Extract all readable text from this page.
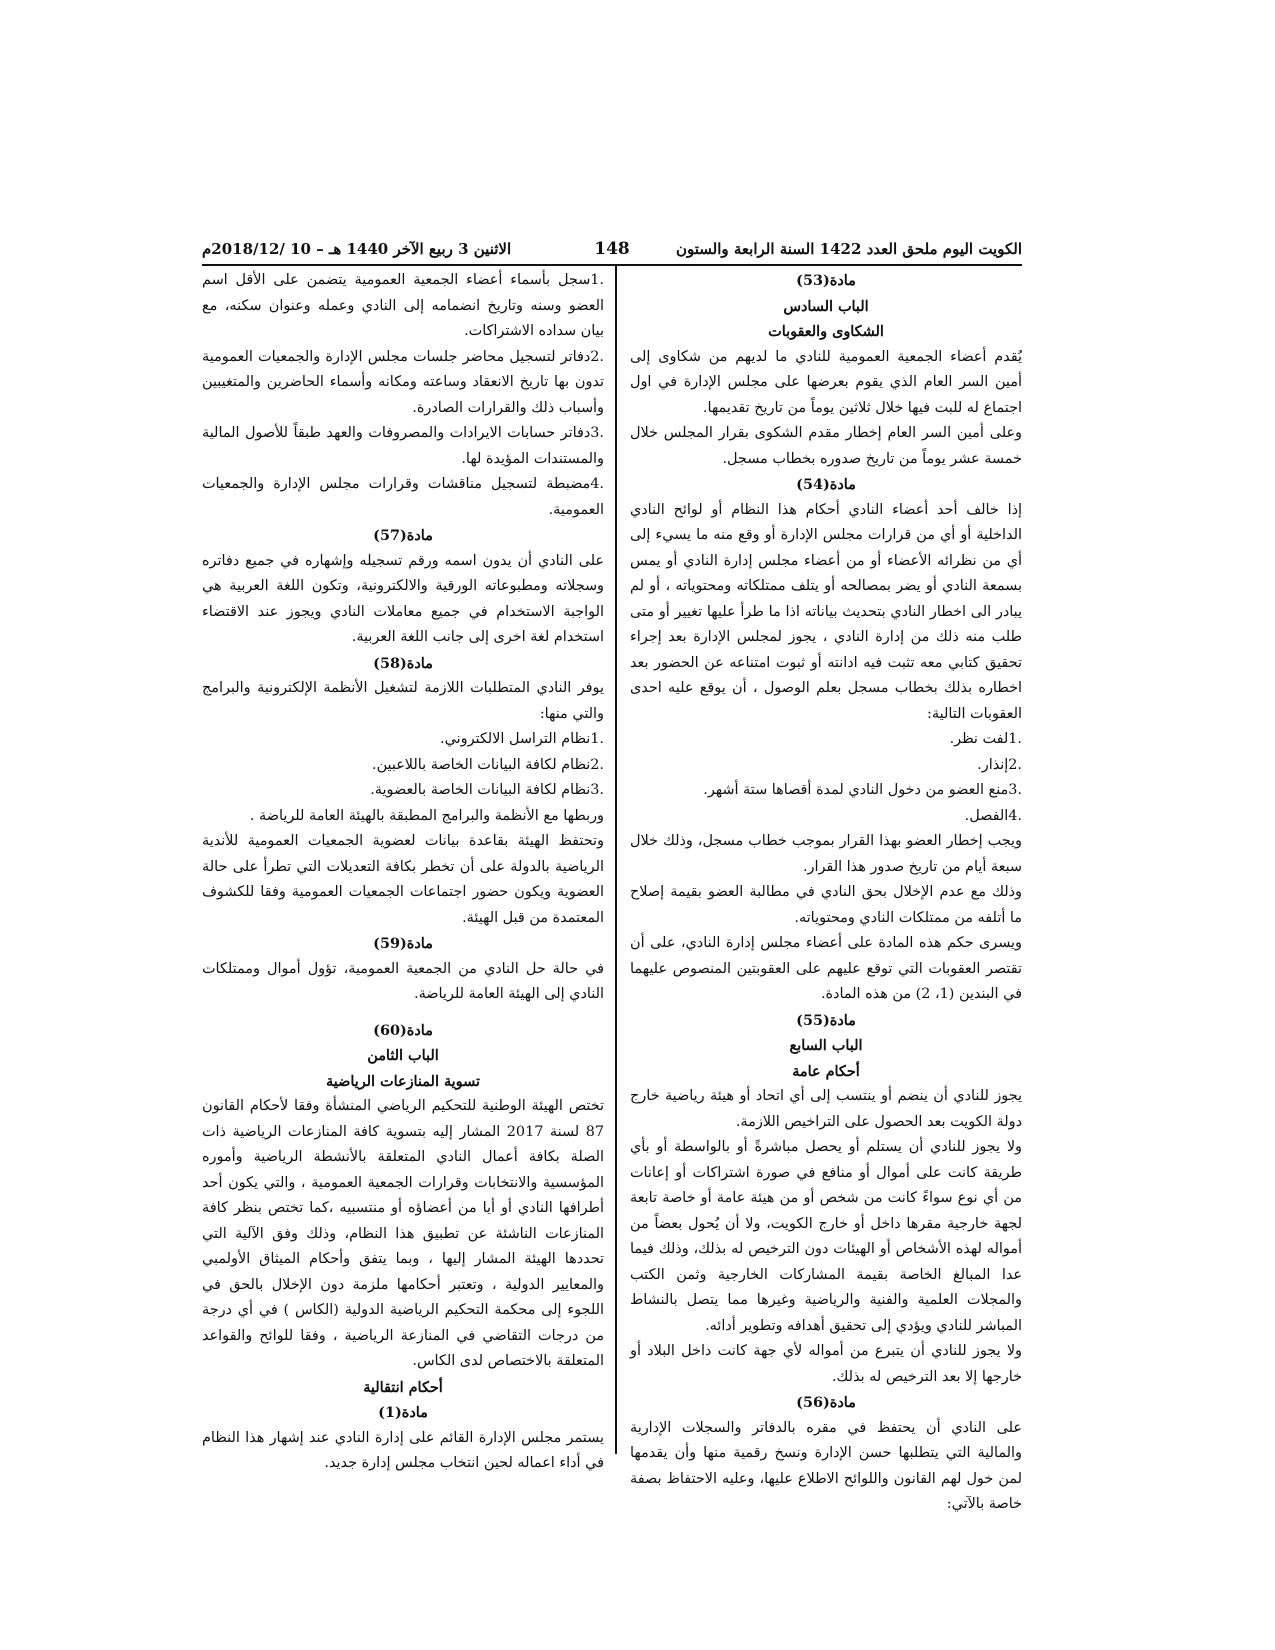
الكويت اليوم ملحق العدد 1422 السنة الرابعة والستون
148
الاثنين 3 ربيع الآخر 1440 هـ – 10 /2018/12م

مادة(53)

الباب السادس

الشكاوى والعقوبات

يُقدم أعضاء الجمعية العمومية للنادي ما لديهم من شكاوى إلى أمين السر العام الذي يقوم بعرضها على مجلس الإدارة في اول اجتماع له للبت فيها خلال ثلاثين يوماً من تاريخ تقديمها.

وعلى أمين السر العام إخطار مقدم الشكوى بقرار المجلس خلال خمسة عشر يوماً من تاريخ صدوره بخطاب مسجل.

مادة(54)

إذا خالف أحد أعضاء النادي أحكام هذا النظام أو لوائح النادي الداخلية أو أي من قرارات مجلس الإدارة أو وقع منه ما يسيء إلى أي من نظرائه الأعضاء أو من أعضاء مجلس إدارة النادي أو يمس بسمعة النادي أو يضر بمصالحه أو يتلف ممتلكاته ومحتوياته ، أو لم يبادر الى اخطار النادي بتحديث بياناته اذا ما طرأ عليها تغيير أو متى طلب منه ذلك من إدارة النادي ، يجوز لمجلس الإدارة بعد إجراء تحقيق كتابي معه تثبت فيه ادانته أو ثبوت امتناعه عن الحضور بعد اخطاره بذلك بخطاب مسجل بعلم الوصول ، أن يوقع عليه احدى العقوبات التالية:

.1لفت نظر.

.2إنذار.

.3منع العضو من دخول النادي لمدة أقصاها ستة أشهر.

.4الفصل.

ويجب إخطار العضو بهذا القرار بموجب خطاب مسجل، وذلك خلال سبعة أيام من تاريخ صدور هذا القرار.

وذلك مع عدم الإخلال بحق النادي في مطالبة العضو بقيمة إصلاح ما أتلفه من ممتلكات النادي ومحتوياته.

ويسرى حكم هذه المادة على أعضاء مجلس إدارة النادي، على أن تقتصر العقوبات التي توقع عليهم على العقوبتين المنصوص عليهما في البندين (1، 2) من هذه المادة.

مادة(55)

الباب السابع

أحكام عامة

يجوز للنادي أن ينضم أو ينتسب إلى أي اتحاد أو هيئة رياضية خارج دولة الكويت بعد الحصول على التراخيص اللازمة.

ولا يجوز للنادي أن يستلم أو يحصل مباشرةً أو بالواسطة أو بأي طريقة كانت على أموال أو منافع في صورة اشتراكات أو إعانات من أي نوع سواءً كانت من شخص أو من هيئة عامة أو خاصة تابعة لجهة خارجية مقرها داخل أو خارج الكويت، ولا أن يُحول بعضاً من أمواله لهذه الأشخاص أو الهيئات دون الترخيص له بذلك، وذلك فيما عدا المبالغ الخاصة بقيمة المشاركات الخارجية وثمن الكتب والمجلات العلمية والفنية والرياضية وغيرها مما يتصل بالنشاط المباشر للنادي ويؤدي إلى تحقيق أهدافه وتطوير أدائه.

ولا يجوز للنادي أن يتبرع من أمواله لأي جهة كانت داخل البلاد أو خارجها إلا بعد الترخيص له بذلك.

مادة(56)

على النادي أن يحتفظ في مقره بالدفاتر والسجلات الإدارية والمالية التي يتطلبها حسن الإدارة ونسخ رقمية منها وأن يقدمها لمن خول لهم القانون واللوائح الاطلاع عليها، وعليه الاحتفاظ بصفة خاصة بالآتي:

.1سجل بأسماء أعضاء الجمعية العمومية يتضمن على الأقل اسم العضو وسنه وتاريخ انضمامه إلى النادي وعمله وعنوان سكنه، مع بيان سداده الاشتراكات.

.2دفاتر لتسجيل محاضر جلسات مجلس الإدارة والجمعيات العمومية تدون بها تاريخ الانعقاد وساعته ومكانه وأسماء الحاضرين والمتغيبين وأسباب ذلك والقرارات الصادرة.

.3دفاتر حسابات الايرادات والمصروفات والعهد طبقاً للأصول المالية والمستندات المؤيدة لها.

.4مضبطة لتسجيل مناقشات وقرارات مجلس الإدارة والجمعيات العمومية.

مادة(57)

على النادي أن يدون اسمه ورقم تسجيله وإشهاره في جميع دفاتره وسجلاته ومطبوعاته الورقية والالكترونية، وتكون اللغة العربية هي الواجبة الاستخدام في جميع معاملات النادي ويجوز عند الاقتضاء استخدام لغة اخرى إلى جانب اللغة العربية.

مادة(58)

يوفر النادي المتطلبات اللازمة لتشغيل الأنظمة الإلكترونية والبرامج والتي منها:

.1نظام التراسل الالكتروني.

.2نظام لكافة البيانات الخاصة باللاعبين.

.3نظام لكافة البيانات الخاصة بالعضوية.

وربطها مع الأنظمة والبرامج المطبقة بالهيئة العامة للرياضة .

وتحتفظ الهيئة بقاعدة بيانات لعضوية الجمعيات العمومية للأندية الرياضية بالدولة على أن تخطر بكافة التعديلات التي تطرأ على حالة العضوية ويكون حضور اجتماعات الجمعيات العمومية وفقا للكشوف المعتمدة من قبل الهيئة.

مادة(59)

في حالة حل النادي من الجمعية العمومية، تؤول أموال وممتلكات النادي إلى الهيئة العامة للرياضة.

مادة(60)

الباب الثامن

تسوية المنازعات الرياضية

تختص الهيئة الوطنية للتحكيم الرياضي المنشأة وفقا لأحكام القانون 87 لسنة 2017 المشار إليه بتسوية كافة المنازعات الرياضية ذات الصلة بكافة أعمال النادي المتعلقة بالأنشطة الرياضية وأموره المؤسسية والانتخابات وقرارات الجمعية العمومية ، والتي يكون أحد أطرافها النادي أو أيا من أعضاؤه أو منتسبيه ،كما تختص بنظر كافة المنازعات الناشئة عن تطبيق هذا النظام، وذلك وفق الآلية التي تحددها الهيئة المشار إليها ، وبما يتفق وأحكام الميثاق الأولمبي والمعايير الدولية ، وتعتبر أحكامها ملزمة دون الإخلال بالحق في اللجوء إلى محكمة التحكيم الرياضية الدولية (الكاس ) في أي درجة من درجات التقاضي في المنازعة الرياضية ، وفقا للوائح والقواعد المتعلقة بالاختصاص لدى الكاس.

أحكام انتقالية

مادة(1)

يستمر مجلس الإدارة القائم على إدارة النادي عند إشهار هذا النظام في أداء اعماله لحين انتخاب مجلس إدارة جديد.
